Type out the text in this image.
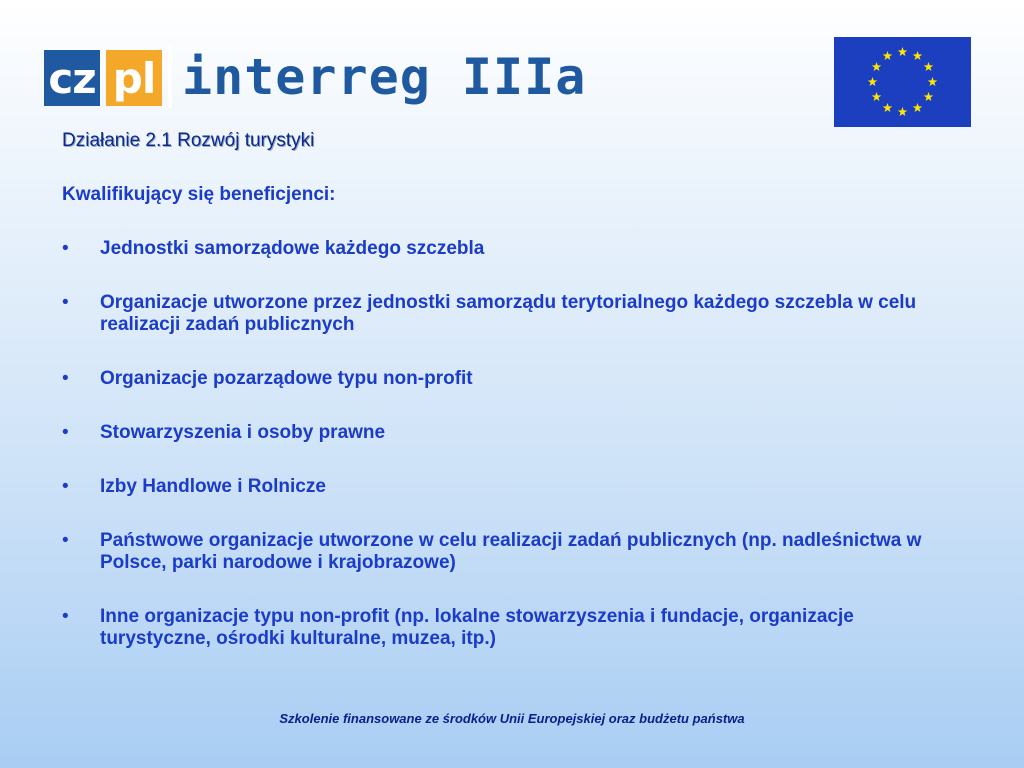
cz pl interreg IIIa
Działanie 2.1 Rozwój turystyki
Kwalifikujący się beneficjenci:
• Jednostki samorządowe każdego szczebla
• Organizacje utworzone przez jednostki samorządu terytorialnego każdego szczebla w celu realizacji zadań publicznych
• Organizacje pozarządowe typu non-profit
• Stowarzyszenia i osoby prawne
• Izby Handlowe i Rolnicze
• Państwowe organizacje utworzone w celu realizacji zadań publicznych (np. nadleśnictwa w Polsce, parki narodowe i krajobrazowe)
• Inne organizacje typu non-profit (np. lokalne stowarzyszenia i fundacje, organizacje turystyczne, ośrodki kulturalne, muzea, itp.)
Szkolenie finansowane ze środków Unii Europejskiej oraz budżetu państwa
